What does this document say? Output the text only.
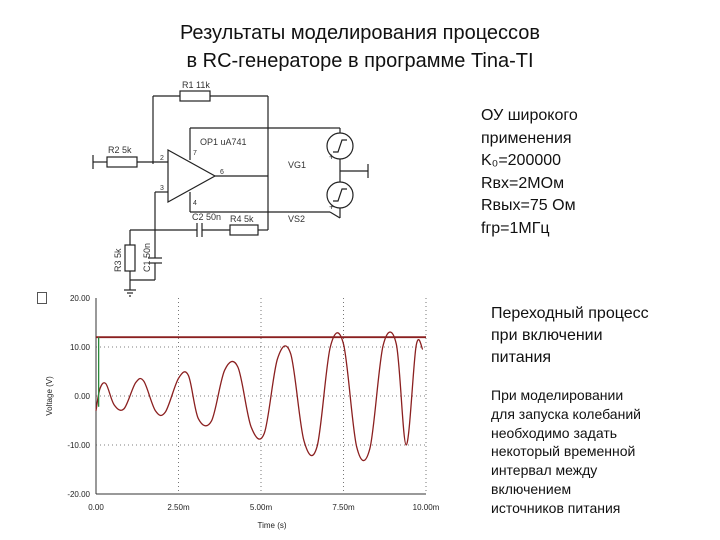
Результаты моделирования процессов
в RC-генераторе в программе Tina-TI
R1 11k
R2 5k
OP1 uA741
VG1
VS2
C2 50n R4 5k
R3 5k C1 50n
2
3
6
7
4
+
+
ОУ широкого
применения
K₀=200000
Rвх=2МОм
Rвых=75 Ом
fгр=1МГц
20.00
10.00
0.00
-10.00
-20.00
0.00	2.50m	5.00m	7.50m	10.00m
Time (s)
Voltage (V)
Переходный процесс
при включении
питания
При моделировании
для запуска колебаний
необходимо задать
некоторый временной
интервал между
включением
источников питания
